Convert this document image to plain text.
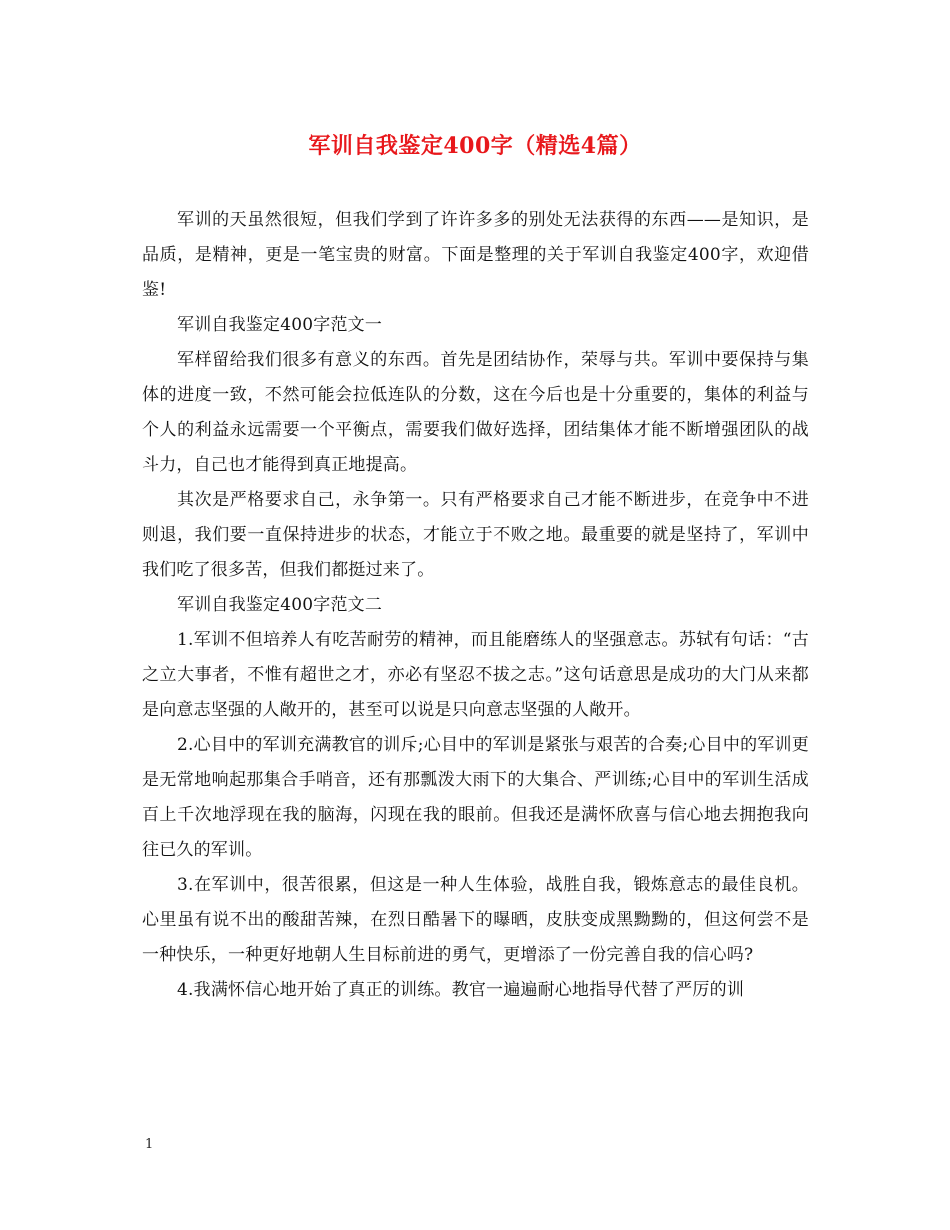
军训自我鉴定400字（精选4篇）

军训的天虽然很短，但我们学到了许许多多的别处无法获得的东西——是知识，是品质，是精神，更是一笔宝贵的财富。下面是整理的关于军训自我鉴定400字，欢迎借鉴!

军训自我鉴定400字范文一

军样留给我们很多有意义的东西。首先是团结协作，荣辱与共。军训中要保持与集体的进度一致，不然可能会拉低连队的分数，这在今后也是十分重要的，集体的利益与个人的利益永远需要一个平衡点，需要我们做好选择，团结集体才能不断增强团队的战斗力，自己也才能得到真正地提高。

其次是严格要求自己，永争第一。只有严格要求自己才能不断进步，在竞争中不进则退，我们要一直保持进步的状态，才能立于不败之地。最重要的就是坚持了，军训中我们吃了很多苦，但我们都挺过来了。

军训自我鉴定400字范文二

1.军训不但培养人有吃苦耐劳的精神，而且能磨练人的坚强意志。苏轼有句话：“古之立大事者，不惟有超世之才，亦必有坚忍不拔之志。”这句话意思是成功的大门从来都是向意志坚强的人敞开的，甚至可以说是只向意志坚强的人敞开。

2.心目中的军训充满教官的训斥;心目中的军训是紧张与艰苦的合奏;心目中的军训更是无常地响起那集合手哨音，还有那瓢泼大雨下的大集合、严训练;心目中的军训生活成百上千次地浮现在我的脑海，闪现在我的眼前。但我还是满怀欣喜与信心地去拥抱我向往已久的军训。

3.在军训中，很苦很累，但这是一种人生体验，战胜自我，锻炼意志的最佳良机。心里虽有说不出的酸甜苦辣，在烈日酷暑下的曝晒，皮肤变成黑黝黝的，但这何尝不是一种快乐，一种更好地朝人生目标前进的勇气，更增添了一份完善自我的信心吗?

4.我满怀信心地开始了真正的训练。教官一遍遍耐心地指导代替了严厉的训

1
